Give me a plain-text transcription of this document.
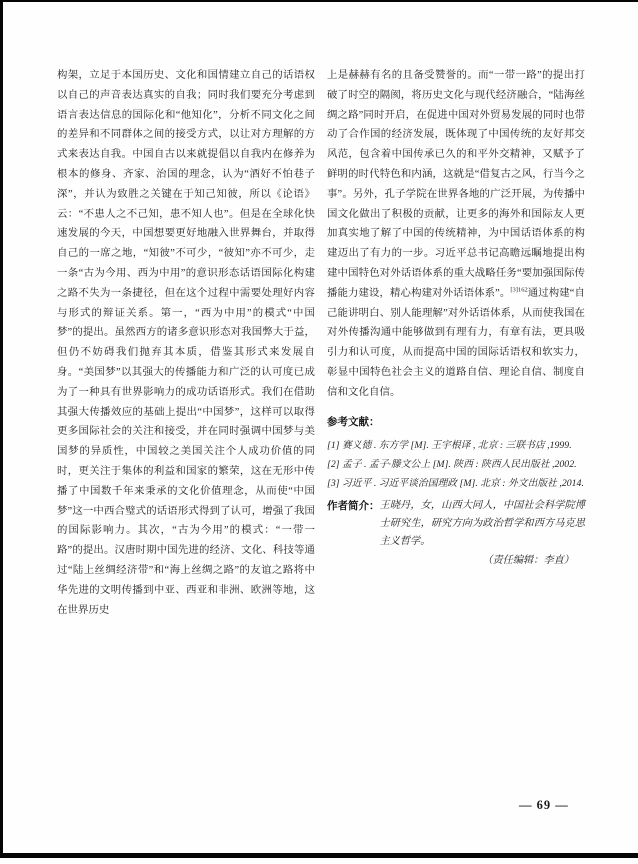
构架，立足于本国历史、文化和国情建立自己的话语权以自己的声音表达真实的自我；同时我们要充分考虑到语言表达信息的国际化和“他知化”，分析不同文化之间的差异和不同群体之间的接受方式，以让对方理解的方式来表达自我。中国自古以来就提倡以自我内在修养为根本的修身、齐家、治国的理念，认为“酒好不怕巷子深”，并认为致胜之关键在于知己知彼，所以《论语》云：“不患人之不己知，患不知人也”。但是在全球化快速发展的今天，中国想要更好地融入世界舞台，并取得自己的一席之地，“知彼”不可少，“彼知”亦不可少，走一条“古为今用、西为中用”的意识形态话语国际化构建之路不失为一条捷径，但在这个过程中需要处理好内容与形式的辩证关系。第一，“西为中用”的模式“中国梦”的提出。虽然西方的诸多意识形态对我国弊大于益，但仍不妨碍我们抛弃其本质，借鉴其形式来发展自身。“美国梦”以其强大的传播能力和广泛的认可度已成为了一种具有世界影响力的成功话语形式。我们在借助其强大传播效应的基础上提出“中国梦”，这样可以取得更多国际社会的关注和接受，并在同时强调中国梦与美国梦的异质性，中国较之美国关注个人成功价值的同时，更关注于集体的利益和国家的繁荣，这在无形中传播了中国数千年来秉承的文化价值理念，从而使“中国梦”这一中西合璧式的话语形式得到了认可，增强了我国的国际影响力。其次，“古为今用”的模式：“一带一路”的提出。汉唐时期中国先进的经济、文化、科技等通过“陆上丝绸经济带”和“海上丝绸之路”的友谊之路将中华先进的文明传播到中亚、西亚和非洲、欧洲等地，这在世界历史

上是赫赫有名的且备受赞誉的。而“一带一路”的提出打破了时空的隔阂，将历史文化与现代经济融合，“陆海丝绸之路”同时开启，在促进中国对外贸易发展的同时也带动了合作国的经济发展，既体现了中国传统的友好邦交风范，包含着中国传承已久的和平外交精神，又赋予了鲜明的时代特色和内涵，这就是“借复古之风，行当今之事”。另外，孔子学院在世界各地的广泛开展，为传播中国文化做出了积极的贡献，让更多的海外和国际友人更加真实地了解了中国的传统精神，为中国话语体系的构建迈出了有力的一步。习近平总书记高瞻远瞩地提出构建中国特色对外话语体系的重大战略任务“要加强国际传播能力建设，精心构建对外话语体系”。$^{[3]162}$通过构建“自己能讲明白、别人能理解”对外话语体系，从而使我国在对外传播沟通中能够做到有理有力，有章有法，更具吸引力和认可度，从而提高中国的国际话语权和软实力，彰显中国特色社会主义的道路自信、理论自信、制度自信和文化自信。

参考文献：
[1] 赛义德 . 东方学 [M]. 王宇根译 , 北京 : 三联书店 ,1999.
[2] 孟子 . 孟子·滕文公上 [M]. 陕西 : 陕西人民出版社 ,2002.
[3] 习近平 . 习近平谈治国理政 [M]. 北京 : 外文出版社 ,2014.
作者简介： 王晓丹，女，山西大同人，中国社会科学院博士研究生，研究方向为政治哲学和西方马克思主义哲学。
（责任编辑：李直）
— 69 —
